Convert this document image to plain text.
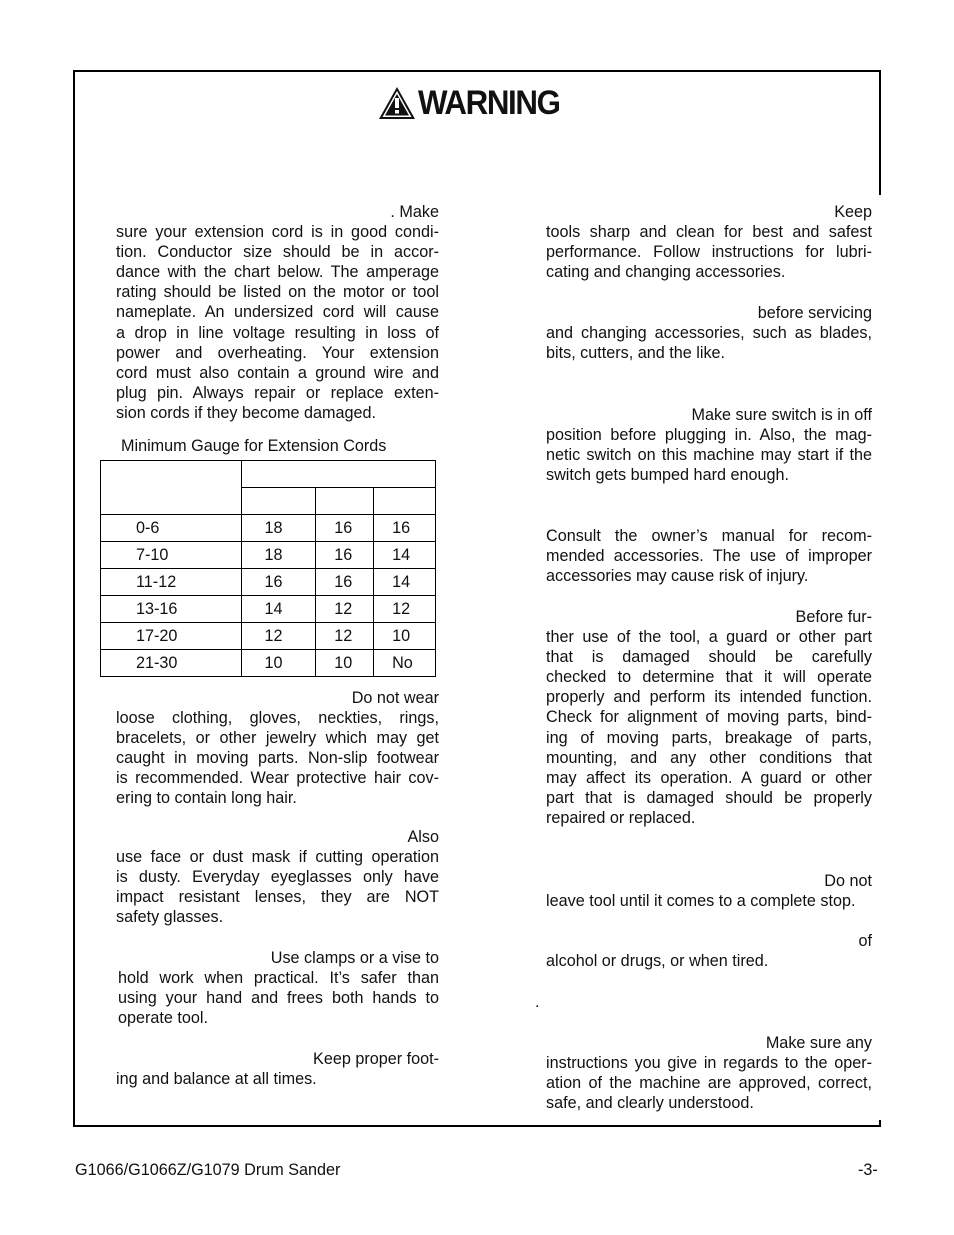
WARNING
. Make
sure your extension cord is in good condi-
tion. Conductor size should be in accor-
dance with the chart below. The amperage
rating should be listed on the motor or tool
nameplate. An undersized cord will cause
a drop in line voltage resulting in loss of
power and overheating. Your extension
cord must also contain a ground wire and
plug pin. Always repair or replace exten-
sion cords if they become damaged.
Minimum Gauge for Extension Cords

0-6	18	16	16
7-10	18	16	14
11-12	16	16	14
13-16	14	12	12
17-20	12	12	10
21-30	10	10	No
Do not wear
loose clothing, gloves, neckties, rings,
bracelets, or other jewelry which may get
caught in moving parts. Non-slip footwear
is recommended. Wear protective hair cov-
ering to contain long hair.
Also
use face or dust mask if cutting operation
is dusty. Everyday eyeglasses only have
impact resistant lenses, they are NOT
safety glasses.
Use clamps or a vise to
hold work when practical. It’s safer than
using your hand and frees both hands to
operate tool.
Keep proper foot-
ing and balance at all times.
Keep
tools sharp and clean for best and safest
performance. Follow instructions for lubri-
cating and changing accessories.
before servicing
and changing accessories, such as blades,
bits, cutters, and the like.
Make sure switch is in off
position before plugging in. Also, the mag-
netic switch on this machine may start if the
switch gets bumped hard enough.
Consult the owner’s manual for recom-
mended accessories. The use of improper
accessories may cause risk of injury.
Before fur-
ther use of the tool, a guard or other part
that is damaged should be carefully
checked to determine that it will operate
properly and perform its intended function.
Check for alignment of moving parts, bind-
ing of moving parts, breakage of parts,
mounting, and any other conditions that
may affect its operation. A guard or other
part that is damaged should be properly
repaired or replaced.
Do not
leave tool until it comes to a complete stop.
of
alcohol or drugs, or when tired.
.
Make sure any
instructions you give in regards to the oper-
ation of the machine are approved, correct,
safe, and clearly understood.
G1066/G1066Z/G1079 Drum Sander	-3-
